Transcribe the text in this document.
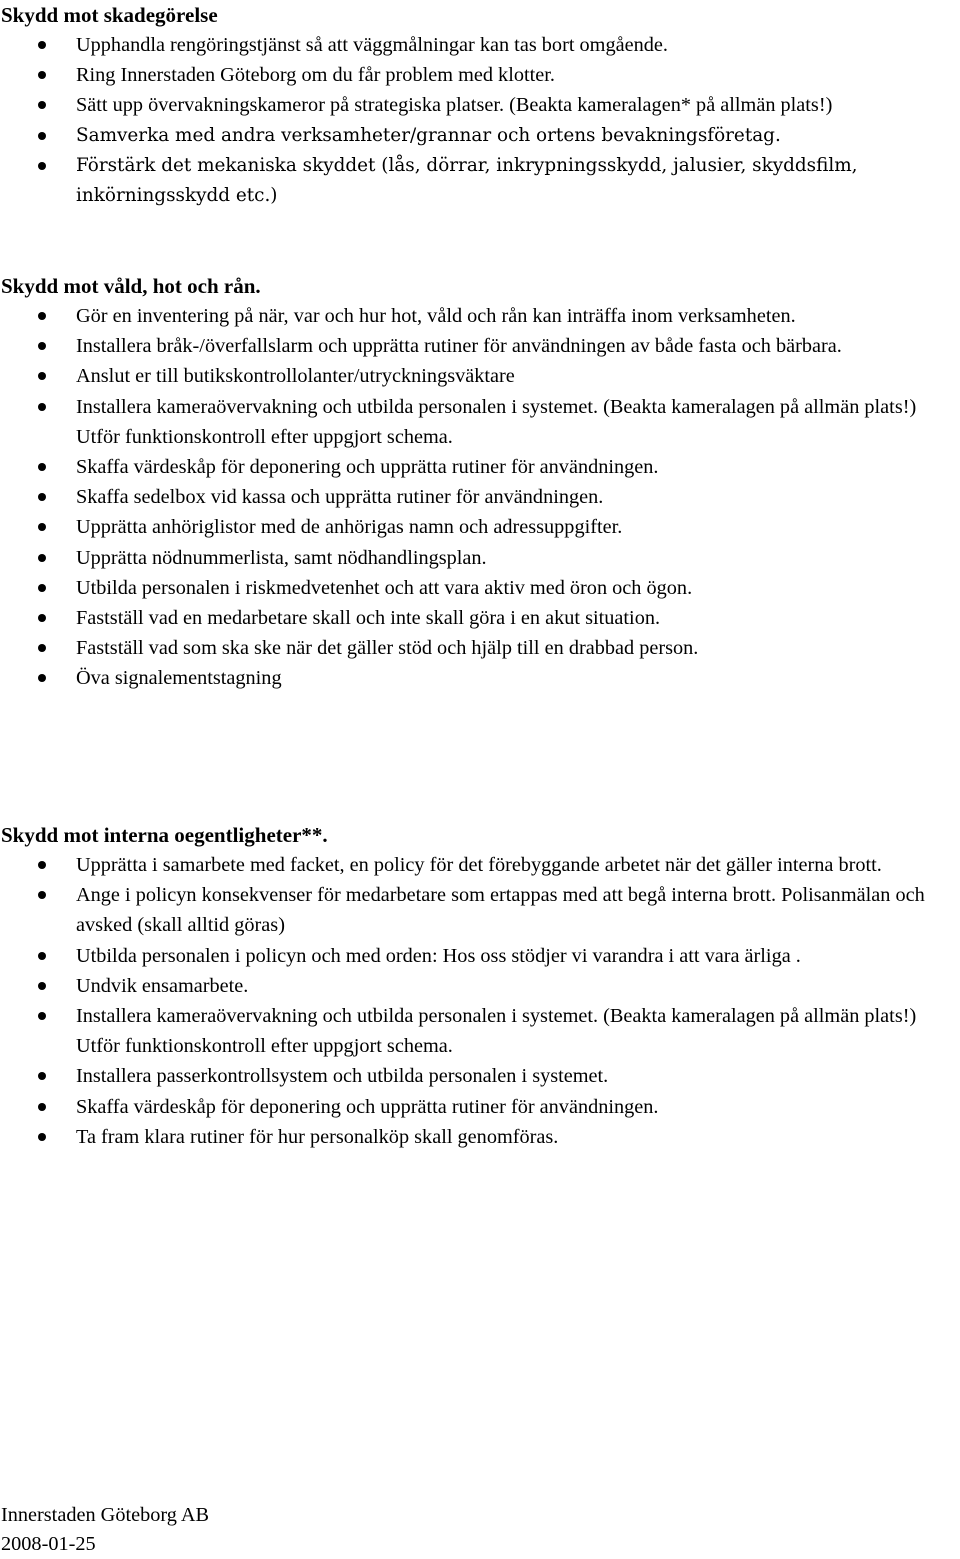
Skydd mot skadegörelse
Upphandla rengöringstjänst så att väggmålningar kan tas bort omgående.
Ring Innerstaden Göteborg om du får problem med klotter.
Sätt upp övervakningskameror på strategiska platser. (Beakta kameralagen* på allmän plats!)
Samverka med andra verksamheter/grannar och ortens bevakningsföretag.
Förstärk det mekaniska skyddet (lås, dörrar, inkrypningsskydd, jalusier, skyddsfilm, inkörningsskydd etc.)
Skydd mot våld, hot och rån.
Gör en inventering på när, var och hur hot, våld och rån kan inträffa inom verksamheten.
Installera bråk-/överfallslarm och upprätta rutiner för användningen av både fasta och bärbara.
Anslut er till butikskontrollolanter/utryckningsväktare
Installera kameraövervakning och utbilda personalen i systemet. (Beakta kameralagen på allmän plats!) Utför funktionskontroll efter uppgjort schema.
Skaffa värdeskåp för deponering och upprätta rutiner för användningen.
Skaffa sedelbox vid kassa och upprätta rutiner för användningen.
Upprätta anhöriglistor med de anhörigas namn och adressuppgifter.
Upprätta nödnummerlista, samt nödhandlingsplan.
Utbilda personalen i riskmedvetenhet och att vara aktiv med öron och ögon.
Fastställ vad en medarbetare skall och inte skall göra i en akut situation.
Fastställ vad som ska ske när det gäller stöd och hjälp till en drabbad person.
Öva signalementstagning
Skydd mot interna oegentligheter**.
Upprätta i samarbete med facket, en policy för det förebyggande arbetet när det gäller interna brott.
Ange i policyn konsekvenser för medarbetare som ertappas med att begå interna brott. Polisanmälan och avsked (skall alltid göras)
Utbilda personalen i policyn och med orden: Hos oss stödjer vi varandra i att vara ärliga .
Undvik ensamarbete.
Installera kameraövervakning och utbilda personalen i systemet. (Beakta kameralagen på allmän plats!) Utför funktionskontroll efter uppgjort schema.
Installera passerkontrollsystem och utbilda personalen i systemet.
Skaffa värdeskåp för deponering och upprätta rutiner för användningen.
Ta fram klara rutiner för hur personalköp skall genomföras.
Innerstaden Göteborg AB
2008-01-25
